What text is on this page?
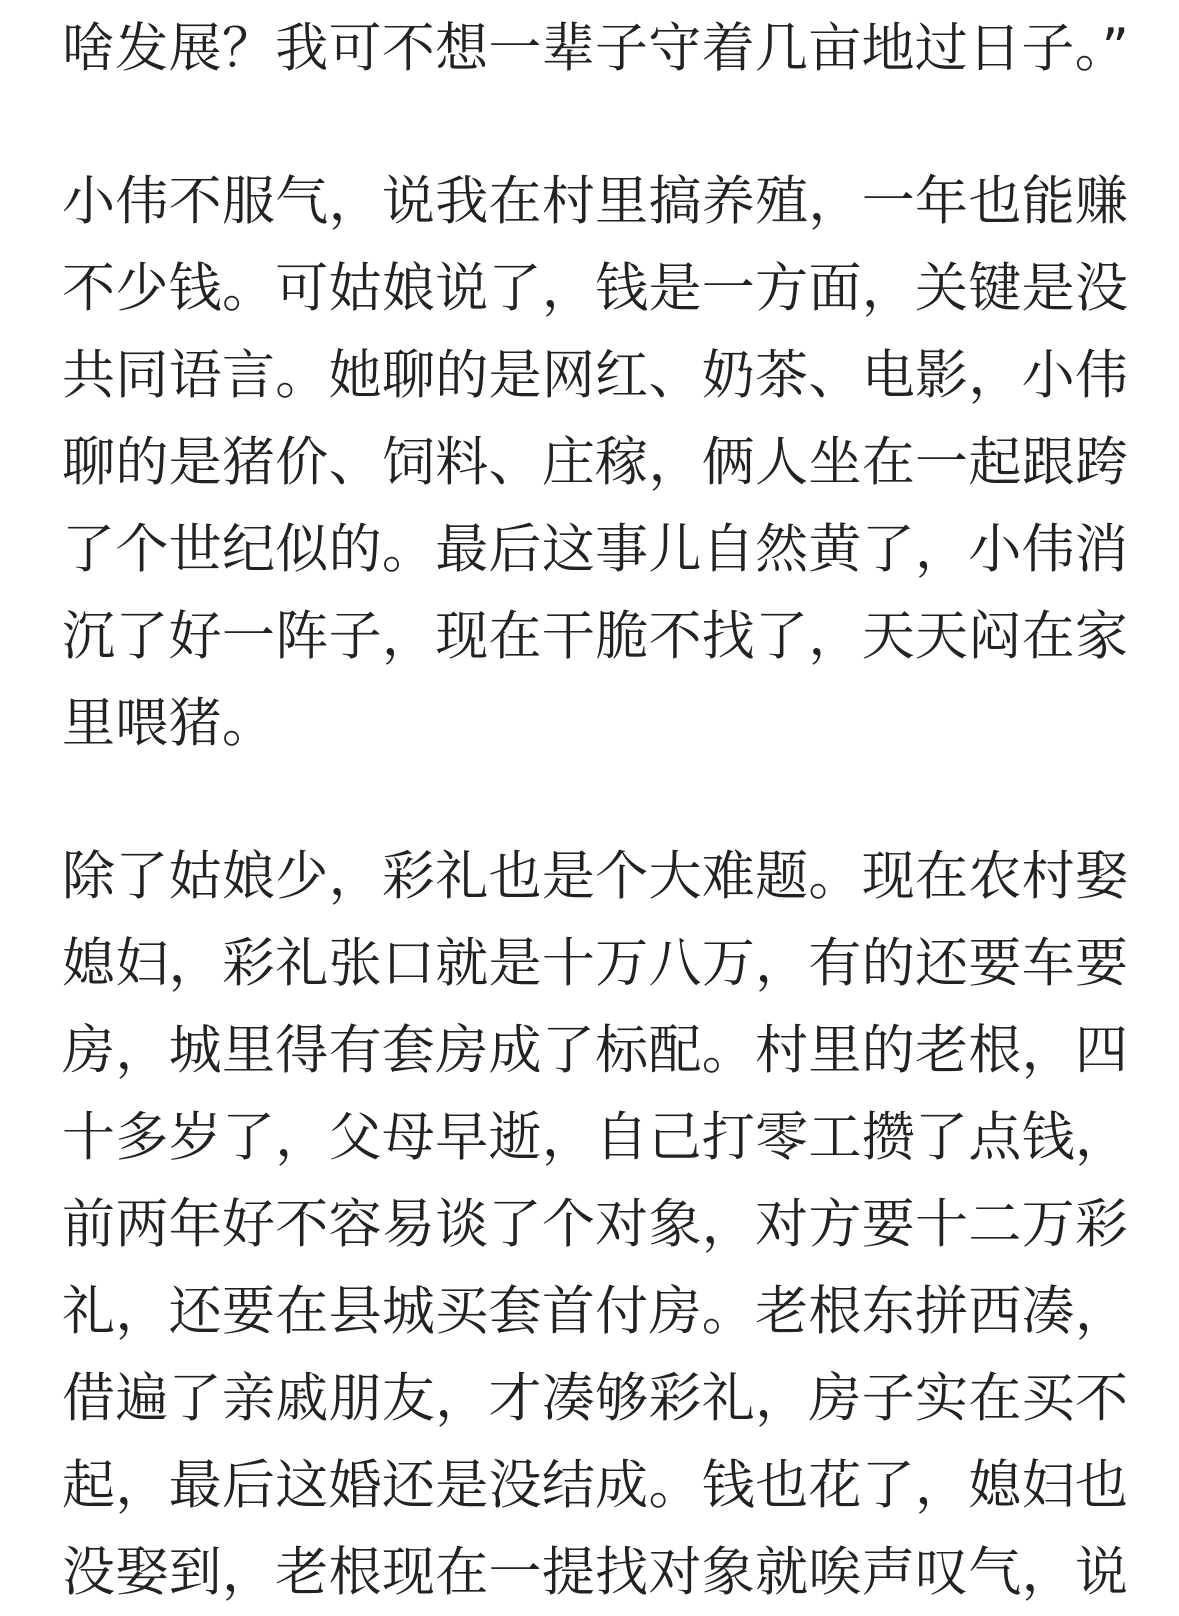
啥发展？我可不想一辈子守着几亩地过日子。”
小 伟 不 服 气 ， 说 我 在 村 里 搞 养 殖 ， 一 年 也 能 赚
不 少 钱 。 可 姑 娘 说 了 ， 钱 是 一 方 面 ， 关 键 是 没
共 同 语 言 。 她 聊 的 是 网 红 、 奶 茶 、 电 影 ， 小 伟
聊 的 是 猪 价 、 饲 料 、 庄 稼 ， 俩 人 坐 在 一 起 跟 跨
了 个 世 纪 似 的 。 最 后 这 事 儿 自 然 黄 了 ， 小 伟 消
沉 了 好 一 阵 子 ， 现 在 干 脆 不 找 了 ， 天 天 闷 在 家
里喂猪。
除 了 姑 娘 少 ， 彩 礼 也 是 个 大 难 题 。 现 在 农 村 娶
媳 妇 ， 彩 礼 张 口 就 是 十 万 八 万 ， 有 的 还 要 车 要
房 ， 城 里 得 有 套 房 成 了 标 配 。 村 里 的 老 根 ， 四
十 多 岁 了 ， 父 母 早 逝 ， 自 己 打 零 工 攒 了 点 钱 ，
前 两 年 好 不 容 易 谈 了 个 对 象 ， 对 方 要 十 二 万 彩
礼 ， 还 要 在 县 城 买 套 首 付 房 。 老 根 东 拼 西 凑 ，
借 遍 了 亲 戚 朋 友 ， 才 凑 够 彩 礼 ， 房 子 实 在 买 不
起 ， 最 后 这 婚 还 是 没 结 成 。 钱 也 花 了 ， 媳 妇 也
没 娶 到 ， 老 根 现 在 一 提 找 对 象 就 唉 声 叹 气 ， 说
